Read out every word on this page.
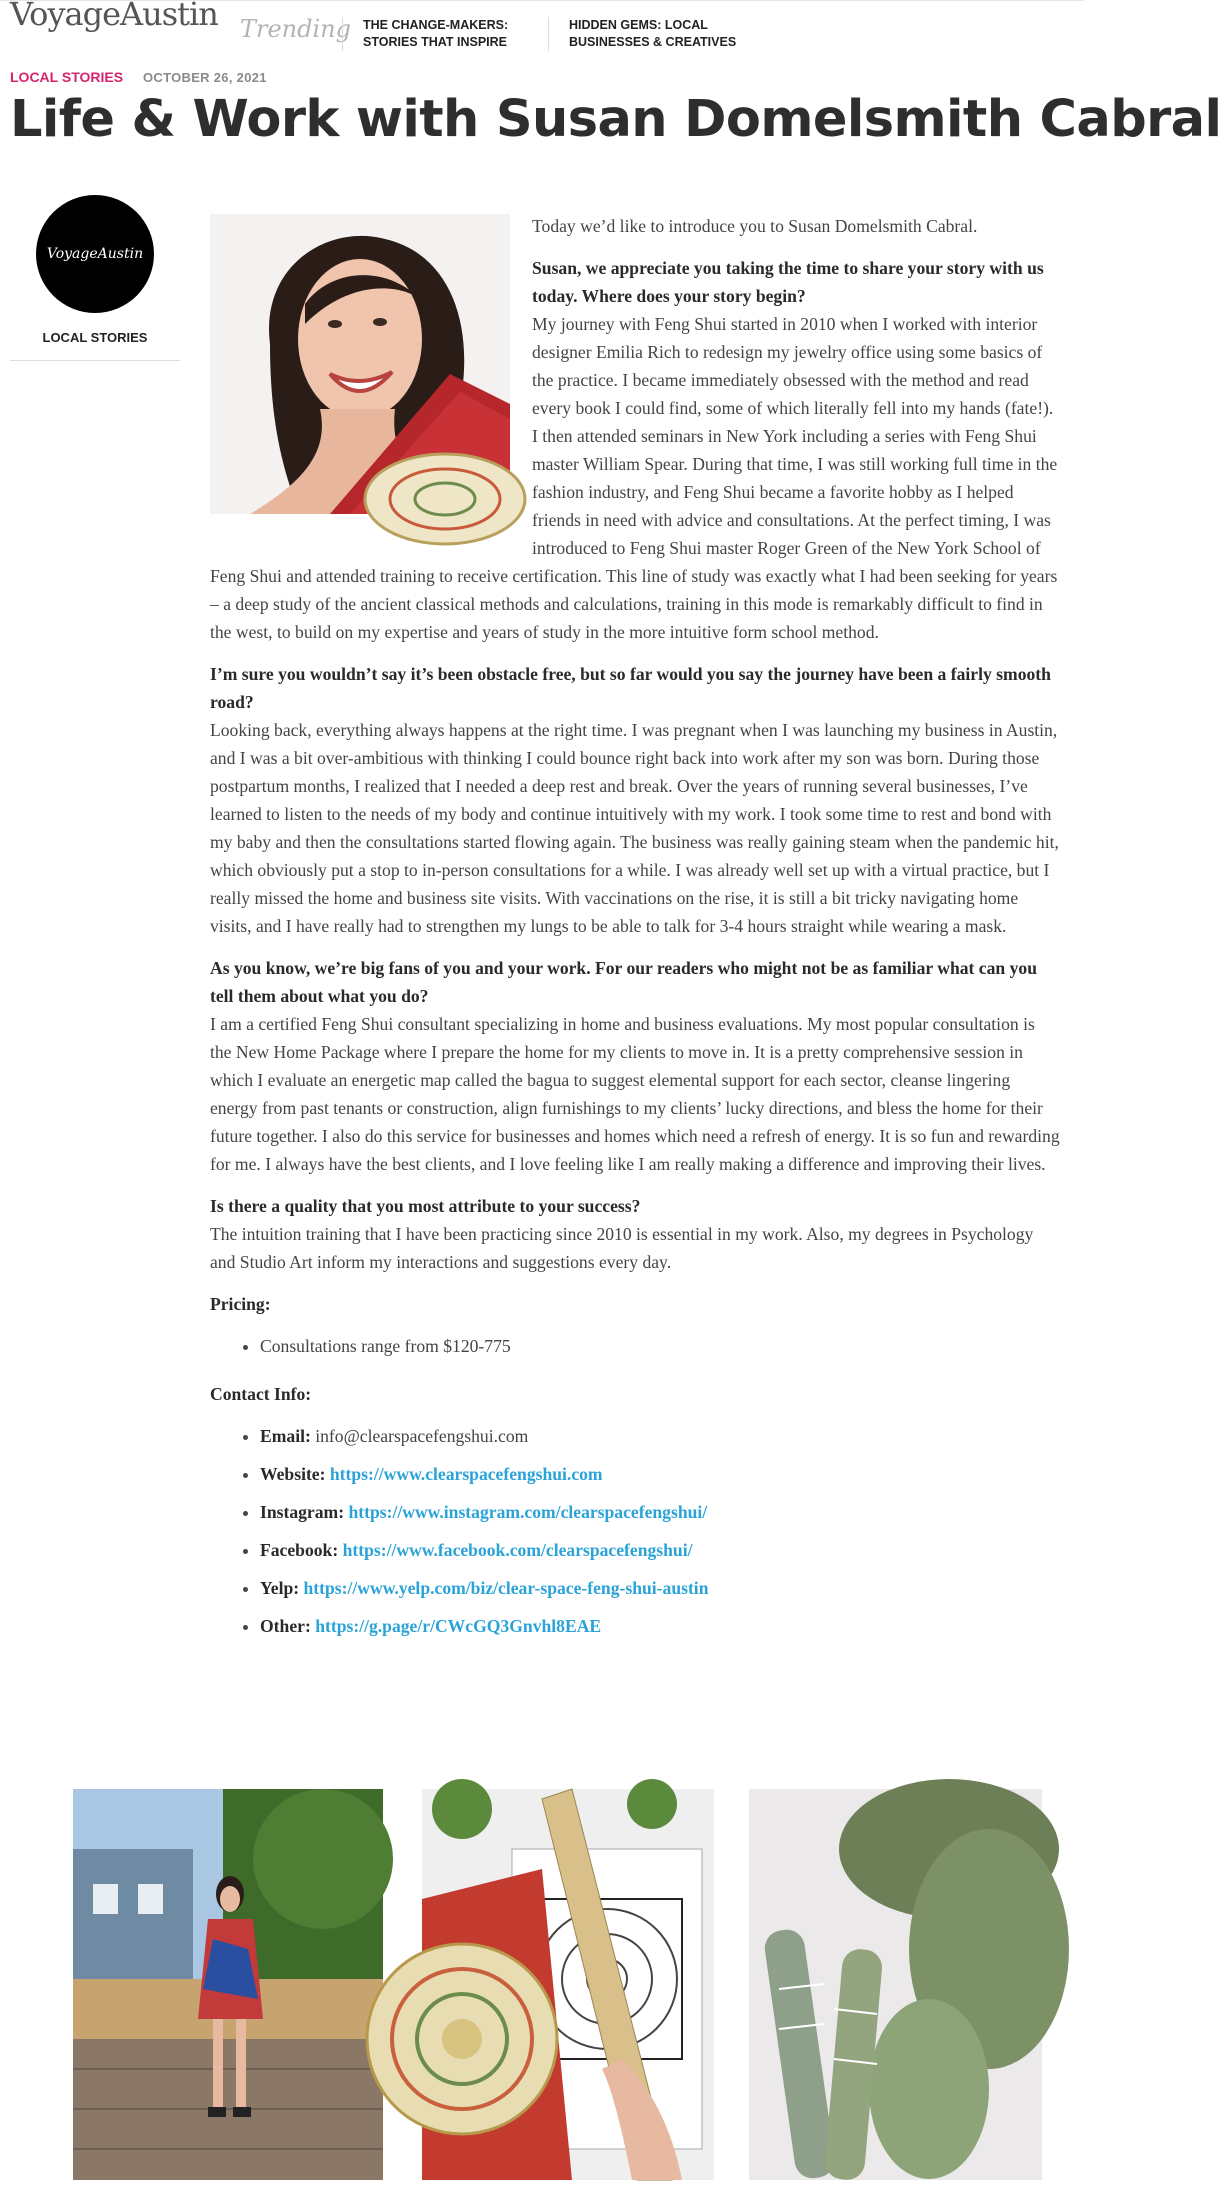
VoyageAustin Trending THE CHANGE-MAKERS: STORIES THAT INSPIRE
HIDDEN GEMS: LOCAL BUSINESSES & CREATIVES
LOCAL STORIES OCTOBER 26, 2021
Life & Work with Susan Domelsmith Cabral
VoyageAustin
LOCAL STORIES

Today we’d like to introduce you to Susan Domelsmith Cabral.

Susan, we appreciate you taking the time to share your story with us today. Where does your story begin?
My journey with Feng Shui started in 2010 when I worked with interior designer Emilia Rich to redesign my jewelry office using some basics of the practice. I became immediately obsessed with the method and read every book I could find, some of which literally fell into my hands (fate!). I then attended seminars in New York including a series with Feng Shui master William Spear. During that time, I was still working full time in the fashion industry, and Feng Shui became a favorite hobby as I helped friends in need with advice and consultations. At the perfect timing, I was introduced to Feng Shui master Roger Green of the New York School of Feng Shui and attended training to receive certification. This line of study was exactly what I had been seeking for years – a deep study of the ancient classical methods and calculations, training in this mode is remarkably difficult to find in the west, to build on my expertise and years of study in the more intuitive form school method.

I’m sure you wouldn’t say it’s been obstacle free, but so far would you say the journey have been a fairly smooth road?
Looking back, everything always happens at the right time. I was pregnant when I was launching my business in Austin, and I was a bit over-ambitious with thinking I could bounce right back into work after my son was born. During those postpartum months, I realized that I needed a deep rest and break. Over the years of running several businesses, I’ve learned to listen to the needs of my body and continue intuitively with my work. I took some time to rest and bond with my baby and then the consultations started flowing again. The business was really gaining steam when the pandemic hit, which obviously put a stop to in-person consultations for a while. I was already well set up with a virtual practice, but I really missed the home and business site visits. With vaccinations on the rise, it is still a bit tricky navigating home visits, and I have really had to strengthen my lungs to be able to talk for 3-4 hours straight while wearing a mask.

As you know, we’re big fans of you and your work. For our readers who might not be as familiar what can you tell them about what you do?
I am a certified Feng Shui consultant specializing in home and business evaluations. My most popular consultation is the New Home Package where I prepare the home for my clients to move in. It is a pretty comprehensive session in which I evaluate an energetic map called the bagua to suggest elemental support for each sector, cleanse lingering energy from past tenants or construction, align furnishings to my clients’ lucky directions, and bless the home for their future together. I also do this service for businesses and homes which need a refresh of energy. It is so fun and rewarding for me. I always have the best clients, and I love feeling like I am really making a difference and improving their lives.

Is there a quality that you most attribute to your success?
The intuition training that I have been practicing since 2010 is essential in my work. Also, my degrees in Psychology and Studio Art inform my interactions and suggestions every day.

Pricing:

• Consultations range from $120-775

Contact Info:

• Email: info@clearspacefengshui.com
• Website: https://www.clearspacefengshui.com
• Instagram: https://www.instagram.com/clearspacefengshui/
• Facebook: https://www.facebook.com/clearspacefengshui/
• Yelp: https://www.yelp.com/biz/clear-space-feng-shui-austin
• Other: https://g.page/r/CWcGQ3Gnvhl8EAE
